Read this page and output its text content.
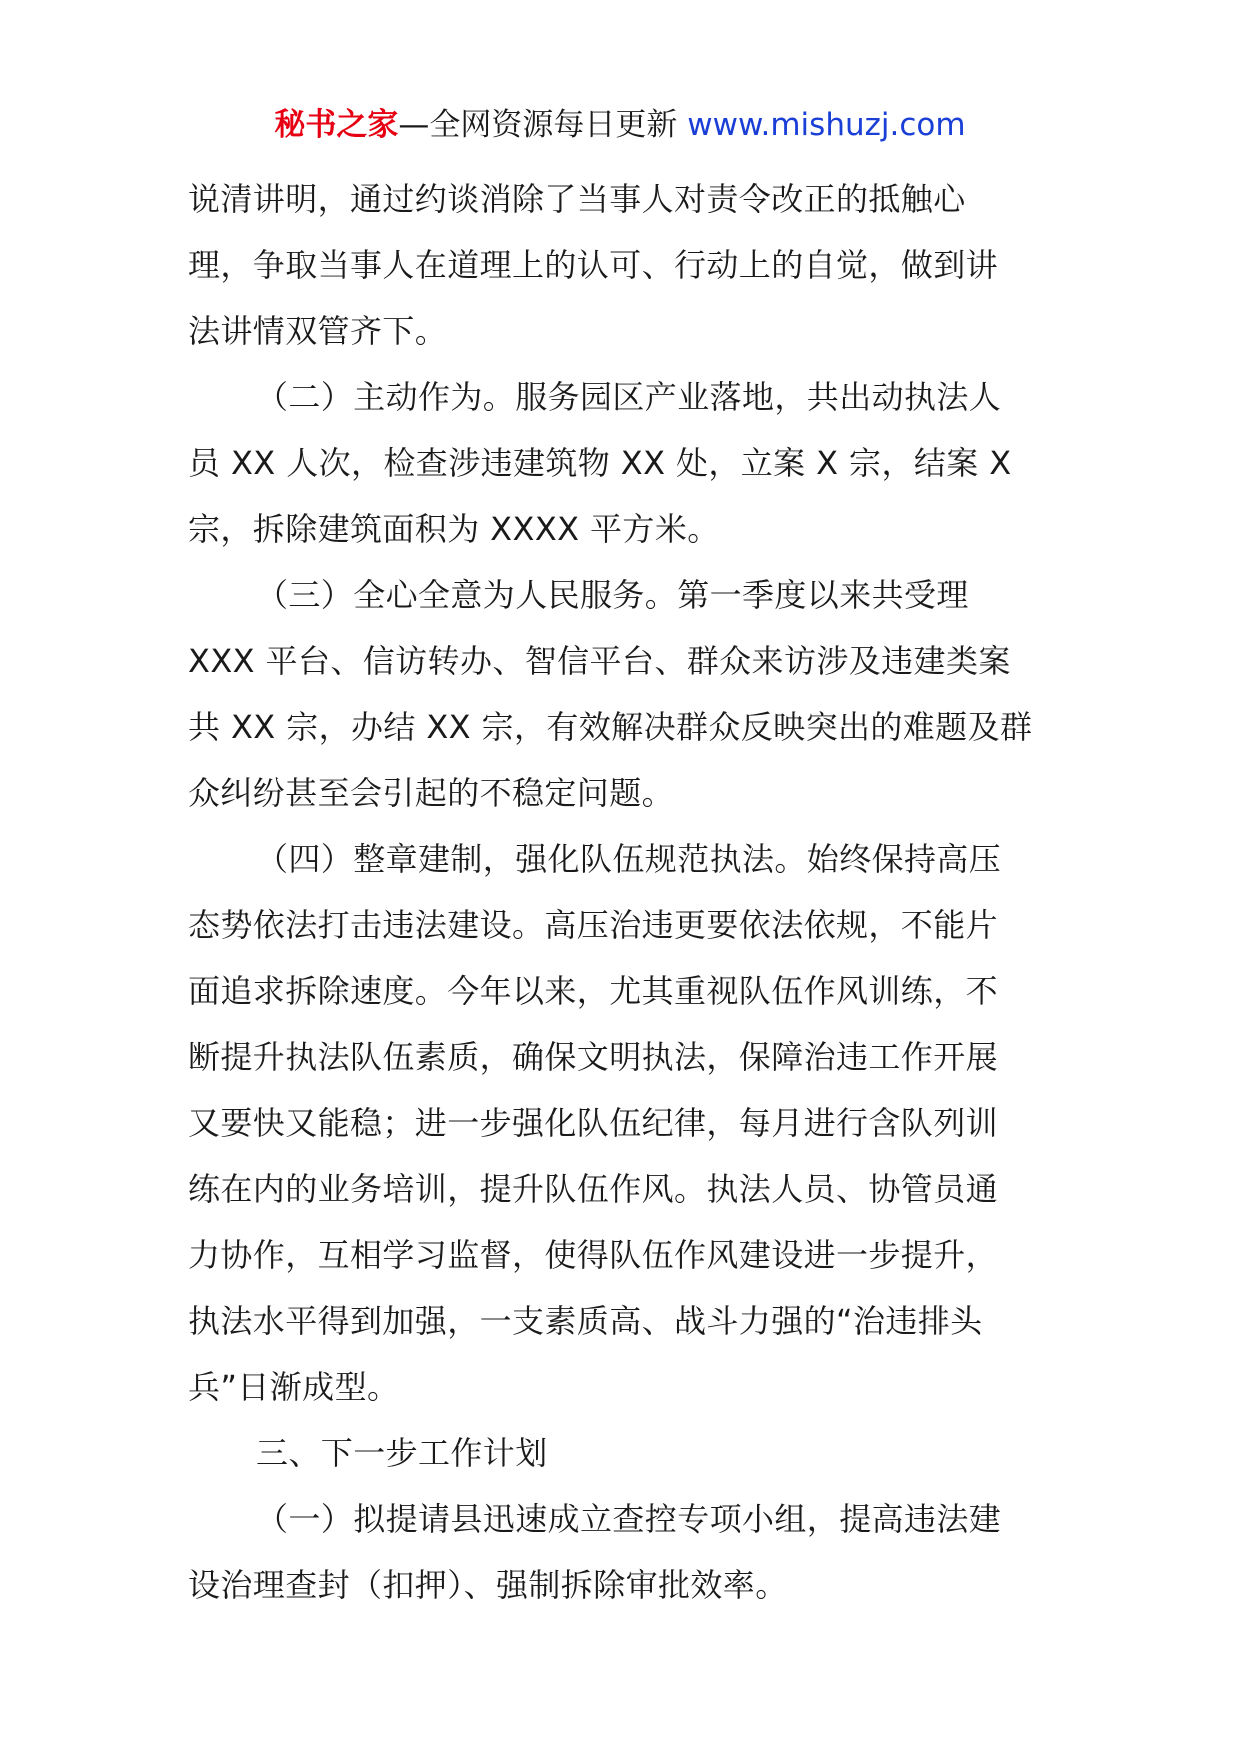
秘书之家—全网资源每日更新 www.mishuzj.com
说清讲明，通过约谈消除了当事人对责令改正的抵触心
理，争取当事人在道理上的认可、行动上的自觉，做到讲
法讲情双管齐下。
（二）主动作为。服务园区产业落地，共出动执法人
员 XX 人次，检查涉违建筑物 XX 处，立案 X 宗，结案 X
宗，拆除建筑面积为 XXXX 平方米。
（三）全心全意为人民服务。第一季度以来共受理
XXX 平台、信访转办、智信平台、群众来访涉及违建类案
共 XX 宗，办结 XX 宗，有效解决群众反映突出的难题及群
众纠纷甚至会引起的不稳定问题。
（四）整章建制，强化队伍规范执法。始终保持高压
态势依法打击违法建设。高压治违更要依法依规，不能片
面追求拆除速度。今年以来，尤其重视队伍作风训练，不
断提升执法队伍素质，确保文明执法，保障治违工作开展
又要快又能稳；进一步强化队伍纪律，每月进行含队列训
练在内的业务培训，提升队伍作风。执法人员、协管员通
力协作，互相学习监督，使得队伍作风建设进一步提升，
执法水平得到加强，一支素质高、战斗力强的“治违排头
兵”日渐成型。
三、下一步工作计划
（一）拟提请县迅速成立查控专项小组，提高违法建
设治理查封（扣押）、强制拆除审批效率。
